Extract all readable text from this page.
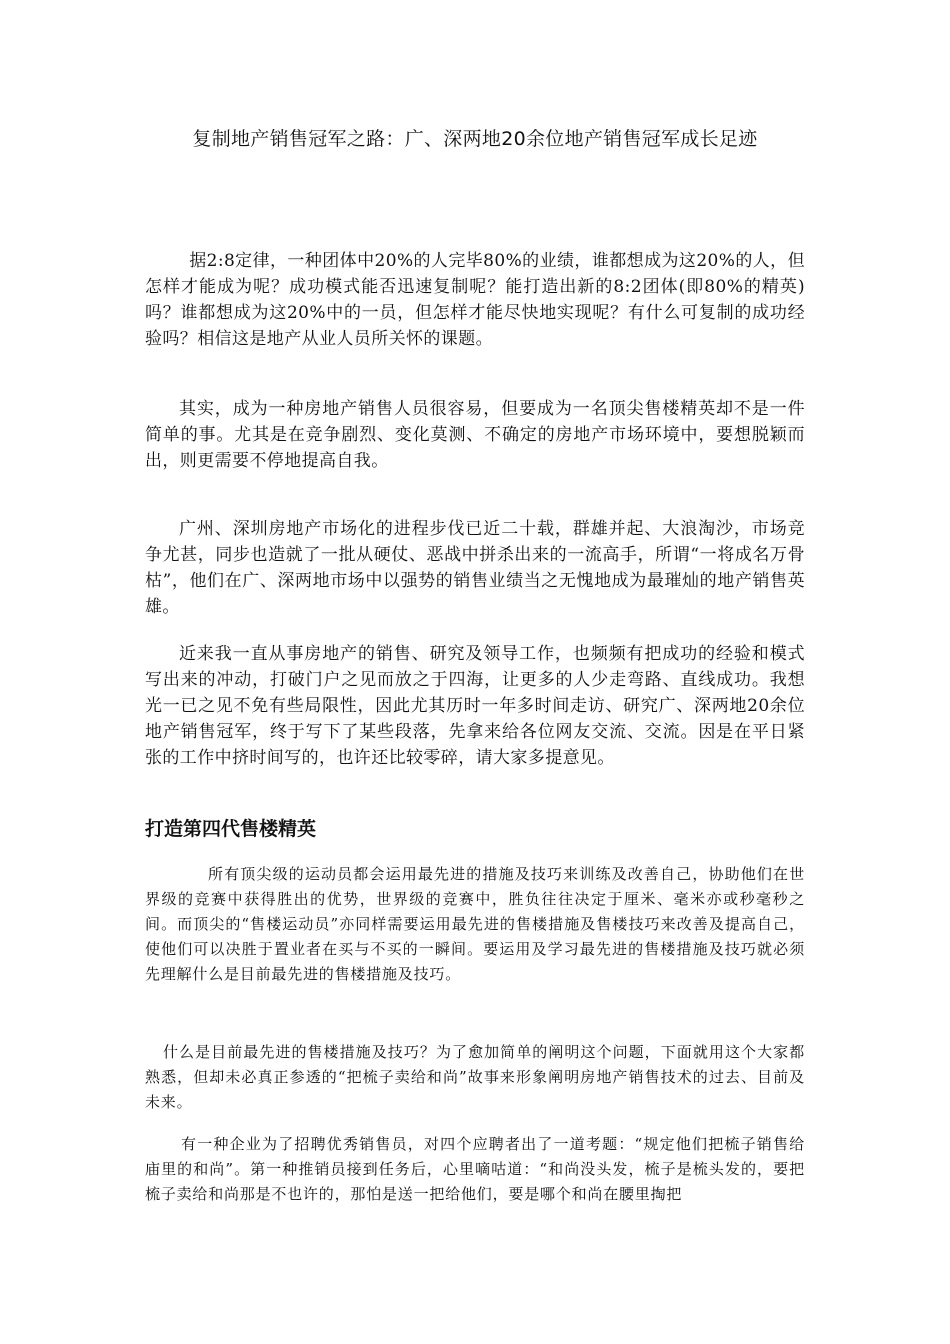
复制地产销售冠军之路：广、深两地20余位地产销售冠军成长足迹

据2:8定律，一种团体中20%的人完毕80%的业绩，谁都想成为这20%的人，但怎样才能成为呢？成功模式能否迅速复制呢？能打造出新的8:2团体(即80%的精英)吗？谁都想成为这20%中的一员，但怎样才能尽快地实现呢？有什么可复制的成功经验吗？相信这是地产从业人员所关怀的课题。

其实，成为一种房地产销售人员很容易，但要成为一名顶尖售楼精英却不是一件简单的事。尤其是在竞争剧烈、变化莫测、不确定的房地产市场环境中，要想脱颖而出，则更需要不停地提高自我。

广州、深圳房地产市场化的进程步伐已近二十载，群雄并起、大浪淘沙，市场竞争尤甚，同步也造就了一批从硬仗、恶战中拼杀出来的一流高手，所谓“一将成名万骨枯”，他们在广、深两地市场中以强势的销售业绩当之无愧地成为最璀灿的地产销售英雄。

近来我一直从事房地产的销售、研究及领导工作，也频频有把成功的经验和模式写出来的冲动，打破门户之见而放之于四海，让更多的人少走弯路、直线成功。我想光一已之见不免有些局限性，因此尤其历时一年多时间走访、研究广、深两地20余位地产销售冠军，终于写下了某些段落，先拿来给各位网友交流、交流。因是在平日紧张的工作中挤时间写的，也许还比较零碎，请大家多提意见。

打造第四代售楼精英

所有顶尖级的运动员都会运用最先进的措施及技巧来训练及改善自己，协助他们在世界级的竞赛中获得胜出的优势，世界级的竞赛中，胜负往往决定于厘米、毫米亦或秒毫秒之间。而顶尖的“售楼运动员”亦同样需要运用最先进的售楼措施及售楼技巧来改善及提高自己，使他们可以决胜于置业者在买与不买的一瞬间。要运用及学习最先进的售楼措施及技巧就必须先理解什么是目前最先进的售楼措施及技巧。

什么是目前最先进的售楼措施及技巧？为了愈加简单的阐明这个问题，下面就用这个大家都熟悉，但却未必真正参透的“把梳子卖给和尚”故事来形象阐明房地产销售技术的过去、目前及未来。

有一种企业为了招聘优秀销售员，对四个应聘者出了一道考题：“规定他们把梳子销售给庙里的和尚”。第一种推销员接到任务后，心里嘀咕道：“和尚没头发，梳子是梳头发的，要把梳子卖给和尚那是不也许的，那怕是送一把给他们，要是哪个和尚在腰里掏把
